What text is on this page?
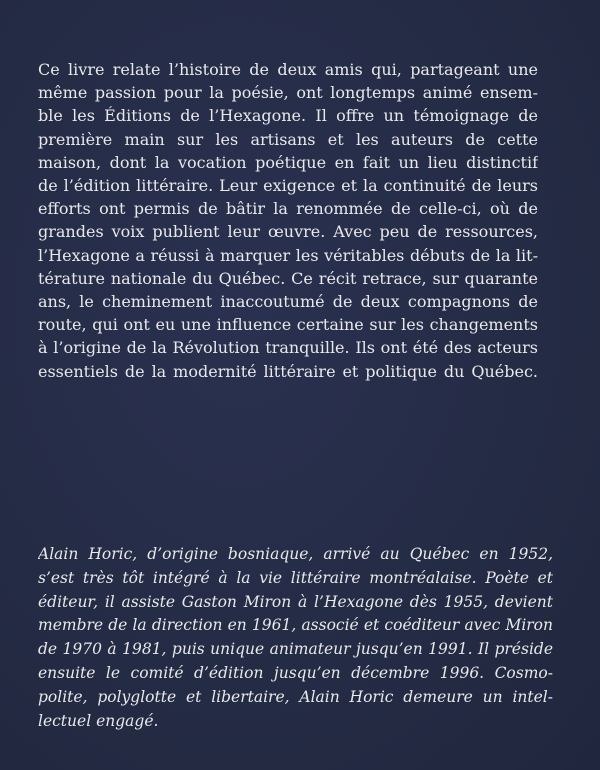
Ce livre relate l’histoire de deux amis qui, partageant une
même passion pour la poésie, ont longtemps animé ensem-
ble les Éditions de l’Hexagone. Il offre un témoignage de
première main sur les artisans et les auteurs de cette
maison, dont la vocation poétique en fait un lieu distinctif
de l’édition littéraire. Leur exigence et la continuité de leurs
efforts ont permis de bâtir la renommée de celle-ci, où de
grandes voix publient leur œuvre. Avec peu de ressources,
l’Hexagone a réussi à marquer les véritables débuts de la lit-
térature nationale du Québec. Ce récit retrace, sur quarante
ans, le cheminement inaccoutumé de deux compagnons de
route, qui ont eu une influence certaine sur les changements
à l’origine de la Révolution tranquille. Ils ont été des acteurs
essentiels de la modernité littéraire et politique du Québec.

Alain Horic, d’origine bosniaque, arrivé au Québec en 1952,
s’est très tôt intégré à la vie littéraire montréalaise. Poète et
éditeur, il assiste Gaston Miron à l’Hexagone dès 1955, devient
membre de la direction en 1961, associé et coéditeur avec Miron
de 1970 à 1981, puis unique animateur jusqu’en 1991. Il préside
ensuite le comité d’édition jusqu’en décembre 1996. Cosmo-
polite, polyglotte et libertaire, Alain Horic demeure un intel-
lectuel engagé.
